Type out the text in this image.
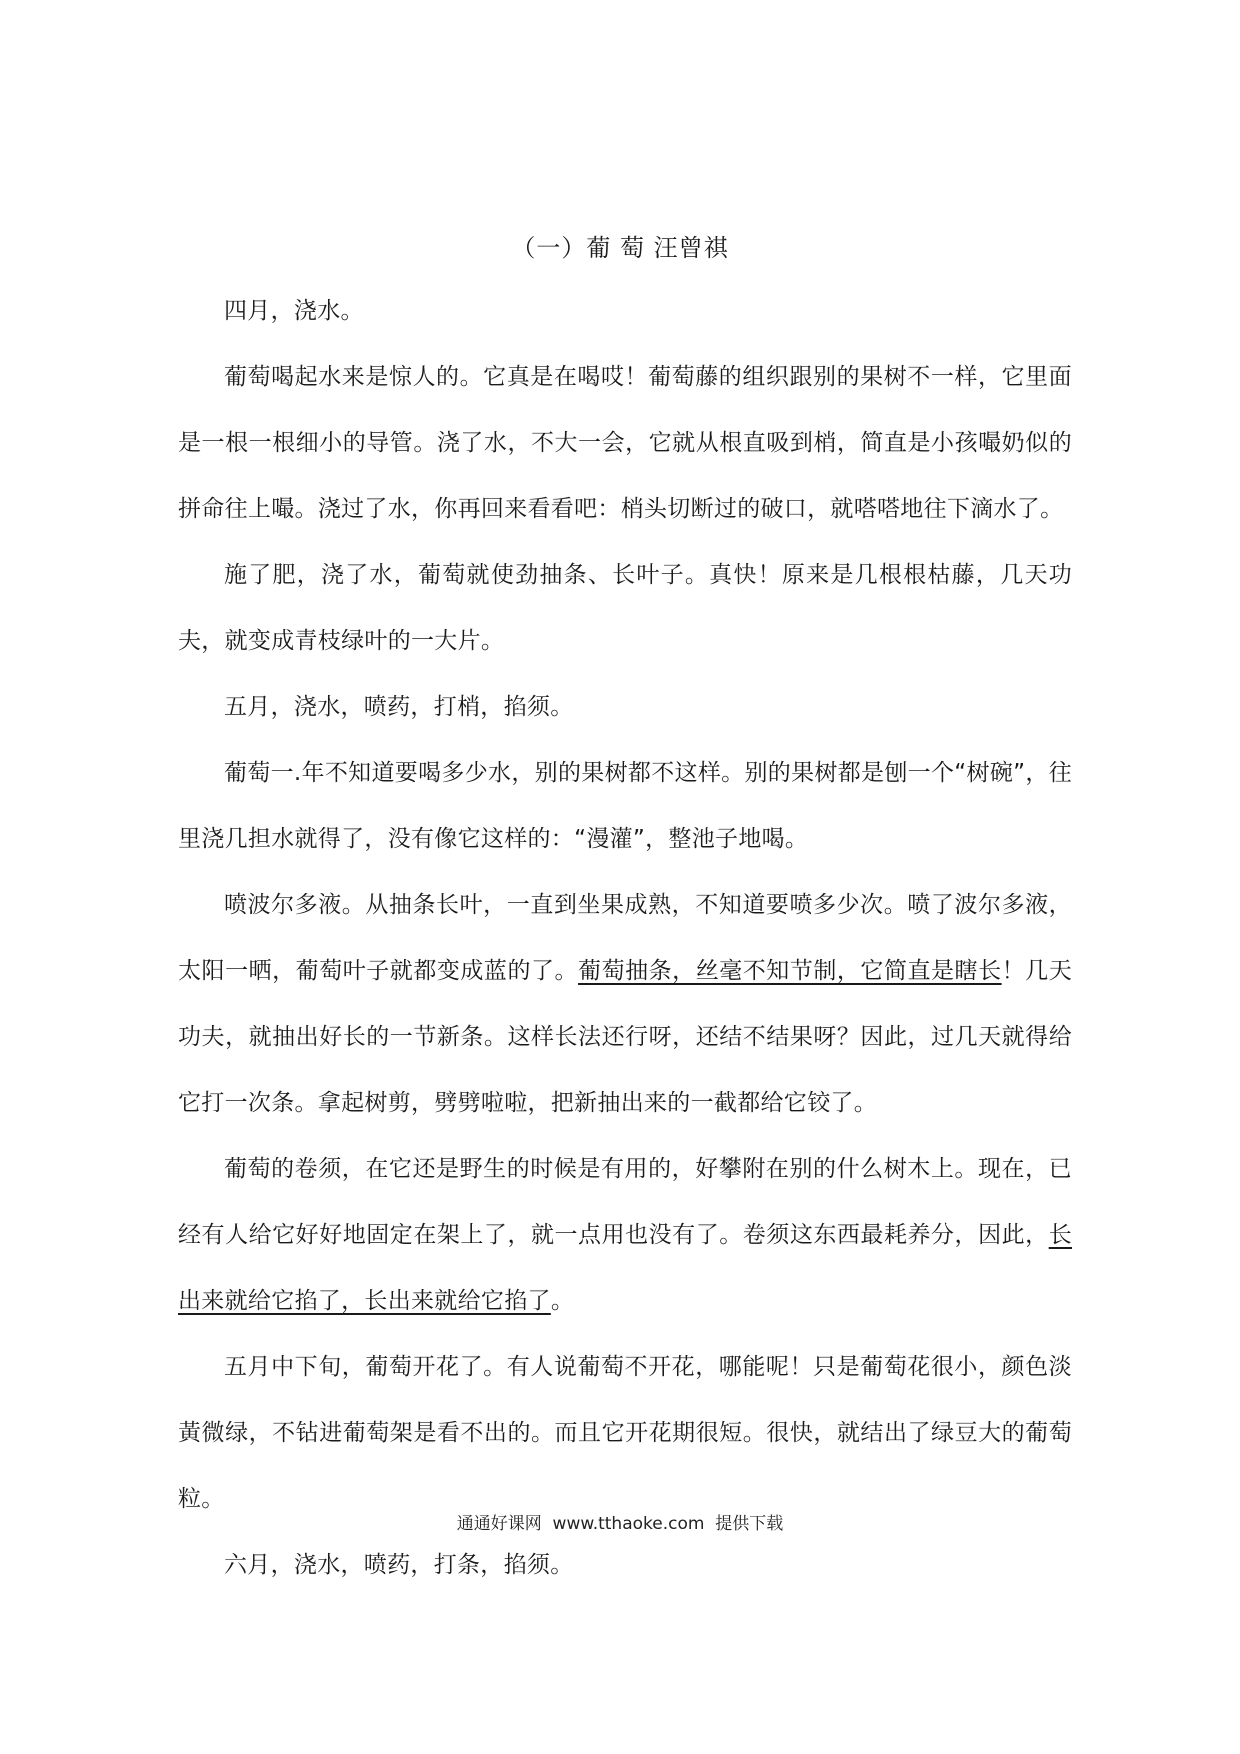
（一）葡 萄 汪曾祺

四月，浇水。

葡萄喝起水来是惊人的。它真是在喝哎！葡萄藤的组织跟别的果树不一样，它里面是一根一根细小的导管。浇了水，不大一会，它就从根直吸到梢，简直是小孩嘬奶似的拼命往上嘬。浇过了水，你再回来看看吧：梢头切断过的破口，就嗒嗒地往下滴水了。

施了肥，浇了水，葡萄就使劲抽条、长叶子。真快！原来是几根根枯藤，几天功夫，就变成青枝绿叶的一大片。

五月，浇水，喷药，打梢，掐须。

葡萄一.年不知道要喝多少水，别的果树都不这样。别的果树都是刨一个“树碗”，往里浇几担水就得了，没有像它这样的：“漫灌”，整池子地喝。

喷波尔多液。从抽条长叶，一直到坐果成熟，不知道要喷多少次。喷了波尔多液，太阳一晒，葡萄叶子就都变成蓝的了。葡萄抽条，丝毫不知节制，它简直是瞎长！几天功夫，就抽出好长的一节新条。这样长法还行呀，还结不结果呀？因此，过几天就得给它打一次条。拿起树剪，劈劈啦啦，把新抽出来的一截都给它铰了。

葡萄的卷须，在它还是野生的时候是有用的，好攀附在别的什么树木上。现在，已经有人给它好好地固定在架上了，就一点用也没有了。卷须这东西最耗养分，因此，长出来就给它掐了，长出来就给它掐了。

五月中下旬，葡萄开花了。有人说葡萄不开花，哪能呢！只是葡萄花很小，颜色淡黃微绿，不钻进葡萄架是看不出的。而且它开花期很短。很快，就结出了绿豆大的葡萄粒。

六月，浇水，喷药，打条，掐须。

通通好课网  www.tthaoke.com  提供下载
